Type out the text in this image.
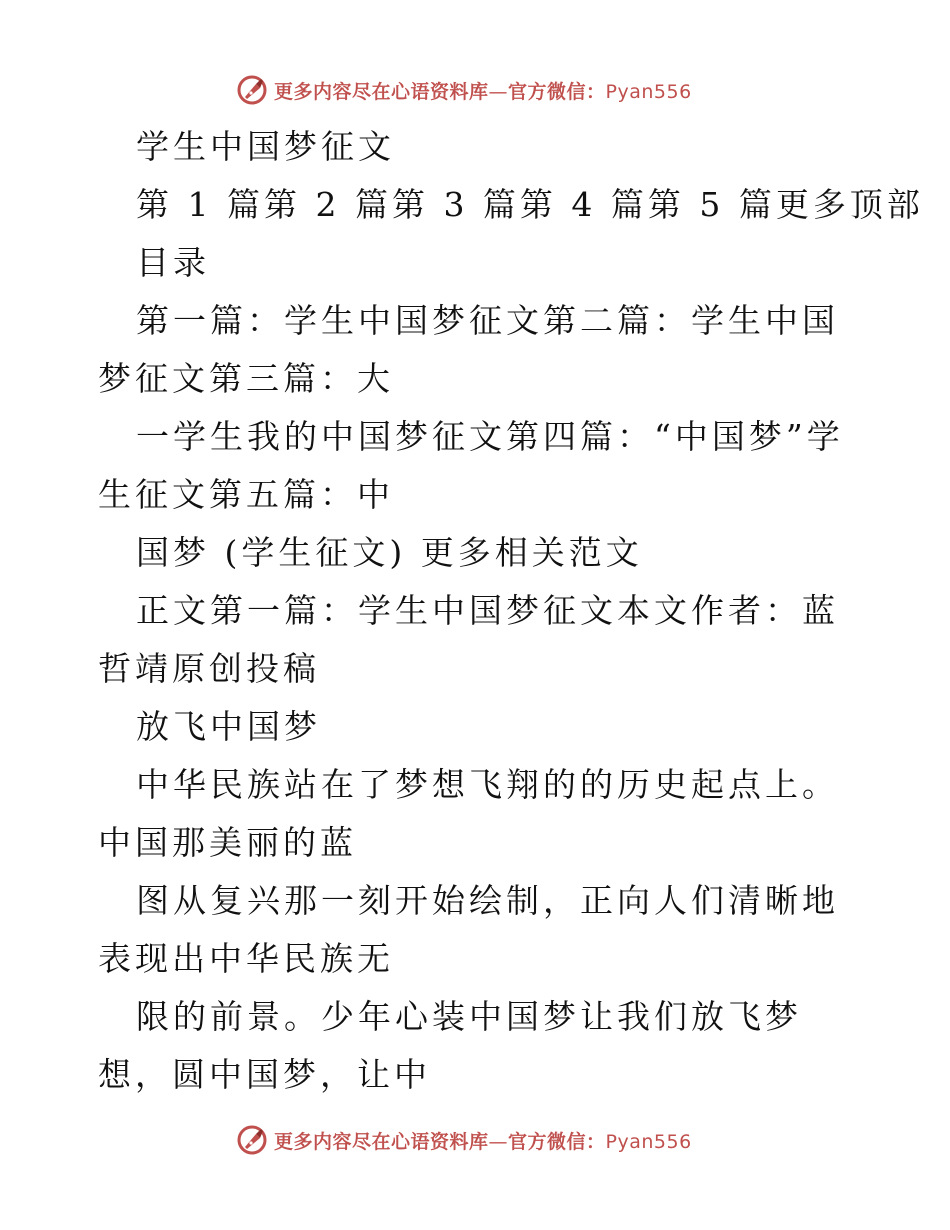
更多内容尽在心语资料库—官方微信：Pyan556

学生中国梦征文

第 1 篇第 2 篇第 3 篇第 4 篇第 5 篇更多顶部

目录

第一篇：学生中国梦征文第二篇：学生中国梦征文第三篇：大

一学生我的中国梦征文第四篇：“中国梦”学生征文第五篇：中

国梦 (学生征文) 更多相关范文

正文第一篇：学生中国梦征文本文作者：蓝哲靖原创投稿

放飞中国梦

中华民族站在了梦想飞翔的的历史起点上。中国那美丽的蓝

图从复兴那一刻开始绘制，正向人们清晰地表现出中华民族无

限的前景。少年心装中国梦让我们放飞梦想，圆中国梦，让中

更多内容尽在心语资料库—官方微信：Pyan556
